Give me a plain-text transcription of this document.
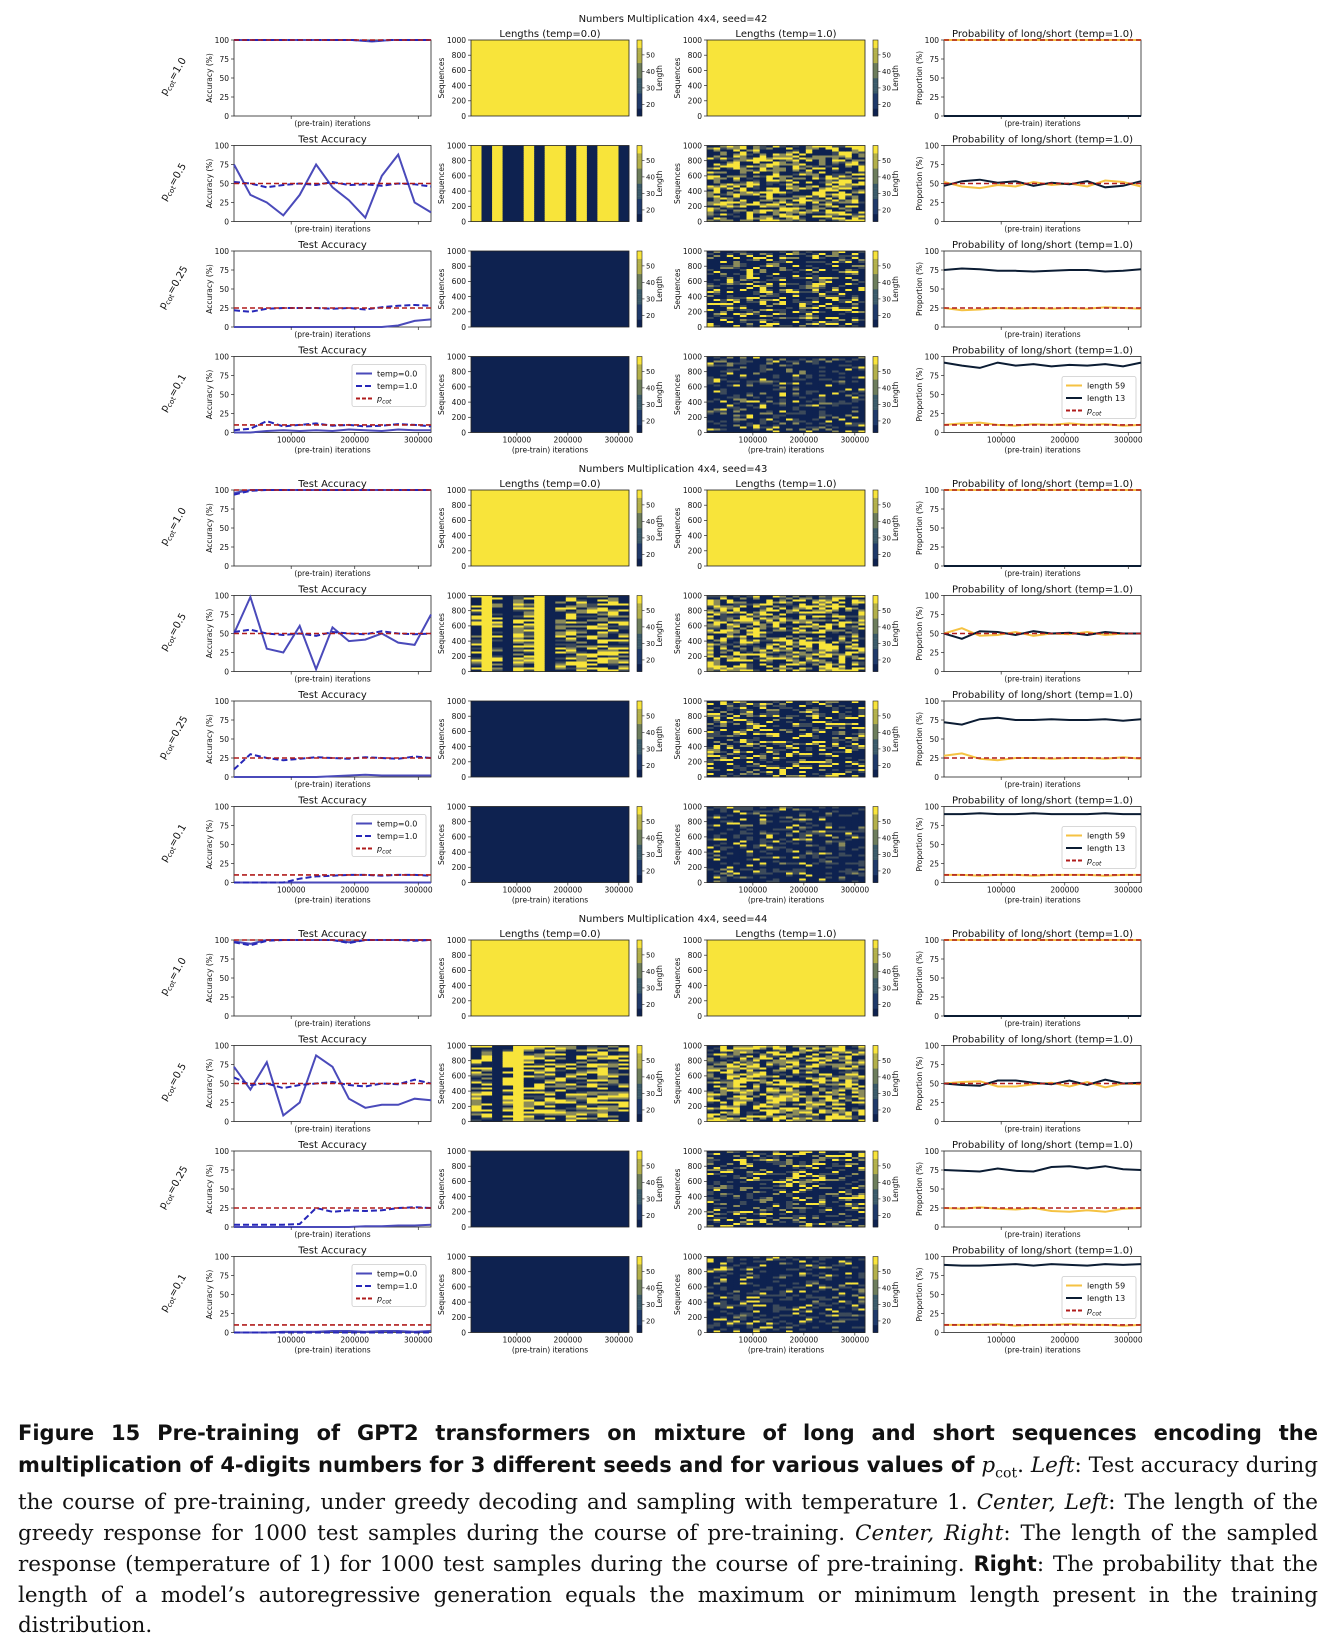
Numbers Multiplication 4x4, seed=42
$p_{cot}=1.0$
0
25
50
75
100
Accuracy (%)
(pre-train) iterations
Lengths (temp=0.0)
0
200
400
600
800
1000
Sequences
20
30
40
50
Length
Lengths (temp=1.0)
0
200
400
600
800
1000
Sequences
20
30
40
50
Length
Probability of long/short (temp=1.0)
0
25
50
75
100
Proportion (%)
(pre-train) iterations
$p_{cot}=0.5$
Test Accuracy
0
25
50
75
100
Accuracy (%)
(pre-train) iterations
0
200
400
600
800
1000
Sequences
20
30
40
50
Length
0
200
400
600
800
1000
Sequences
20
30
40
50
Length
Probability of long/short (temp=1.0)
0
25
50
75
100
Proportion (%)
(pre-train) iterations
$p_{cot}=0.25$
Test Accuracy
0
25
50
75
100
Accuracy (%)
(pre-train) iterations
0
200
400
600
800
1000
Sequences
20
30
40
50
Length
0
200
400
600
800
1000
Sequences
20
30
40
50
Length
Probability of long/short (temp=1.0)
0
25
50
75
100
Proportion (%)
(pre-train) iterations
$p_{cot}=0.1$
Test Accuracy
0
25
50
75
100
Accuracy (%)
100000	200000	300000
(pre-train) iterations
temp=0.0
temp=1.0
$p_{cot}$
0
200
400
600
800
1000
Sequences
100000	200000	300000
(pre-train) iterations
20
30
40
50
Length
0
200
400
600
800
1000
Sequences
100000	200000	300000
(pre-train) iterations
20
30
40
50
Length
Probability of long/short (temp=1.0)
0
25
50
75
100
Proportion (%)
100000	200000	300000
(pre-train) iterations
length 59
length 13
$p_{cot}$
Numbers Multiplication 4x4, seed=43
$p_{cot}=1.0$
Test Accuracy
0
25
50
75
100
Accuracy (%)
(pre-train) iterations
Lengths (temp=0.0)
0
200
400
600
800
1000
Sequences
20
30
40
50
Length
Lengths (temp=1.0)
0
200
400
600
800
1000
Sequences
20
30
40
50
Length
Probability of long/short (temp=1.0)
0
25
50
75
100
Proportion (%)
(pre-train) iterations
$p_{cot}=0.5$
Test Accuracy
0
25
50
75
100
Accuracy (%)
(pre-train) iterations
0
200
400
600
800
1000
Sequences
20
30
40
50
Length
0
200
400
600
800
1000
Sequences
20
30
40
50
Length
Probability of long/short (temp=1.0)
0
25
50
75
100
Proportion (%)
(pre-train) iterations
$p_{cot}=0.25$
Test Accuracy
0
25
50
75
100
Accuracy (%)
(pre-train) iterations
0
200
400
600
800
1000
Sequences
20
30
40
50
Length
0
200
400
600
800
1000
Sequences
20
30
40
50
Length
Probability of long/short (temp=1.0)
0
25
50
75
100
Proportion (%)
(pre-train) iterations
$p_{cot}=0.1$
Test Accuracy
0
25
50
75
100
Accuracy (%)
100000	200000	300000
(pre-train) iterations
temp=0.0
temp=1.0
$p_{cot}$
0
200
400
600
800
1000
Sequences
100000	200000	300000
(pre-train) iterations
20
30
40
50
Length
0
200
400
600
800
1000
Sequences
100000	200000	300000
(pre-train) iterations
20
30
40
50
Length
Probability of long/short (temp=1.0)
0
25
50
75
100
Proportion (%)
100000	200000	300000
(pre-train) iterations
length 59
length 13
$p_{cot}$
Numbers Multiplication 4x4, seed=44
$p_{cot}=1.0$
Test Accuracy
0
25
50
75
100
Accuracy (%)
(pre-train) iterations
Lengths (temp=0.0)
0
200
400
600
800
1000
Sequences
20
30
40
50
Length
Lengths (temp=1.0)
0
200
400
600
800
1000
Sequences
20
30
40
50
Length
Probability of long/short (temp=1.0)
0
25
50
75
100
Proportion (%)
(pre-train) iterations
$p_{cot}=0.5$
Test Accuracy
0
25
50
75
100
Accuracy (%)
(pre-train) iterations
0
200
400
600
800
1000
Sequences
20
30
40
50
Length
0
200
400
600
800
1000
Sequences
20
30
40
50
Length
Probability of long/short (temp=1.0)
0
25
50
75
100
Proportion (%)
(pre-train) iterations
$p_{cot}=0.25$
Test Accuracy
0
25
50
75
100
Accuracy (%)
(pre-train) iterations
0
200
400
600
800
1000
Sequences
20
30
40
50
Length
0
200
400
600
800
1000
Sequences
20
30
40
50
Length
Probability of long/short (temp=1.0)
0
25
50
75
100
Proportion (%)
(pre-train) iterations
$p_{cot}=0.1$
Test Accuracy
0
25
50
75
100
Accuracy (%)
100000	200000	300000
(pre-train) iterations
temp=0.0
temp=1.0
$p_{cot}$
0
200
400
600
800
1000
Sequences
100000	200000	300000
(pre-train) iterations
20
30
40
50
Length
0
200
400
600
800
1000
Sequences
100000	200000	300000
(pre-train) iterations
20
30
40
50
Length
Probability of long/short (temp=1.0)
0
25
50
75
100
Proportion (%)
100000	200000	300000
(pre-train) iterations
length 59
length 13
$p_{cot}$
Figure 15 Pre-training of GPT2 transformers on mixture of long and short sequences encoding the multiplication of 4-digits numbers for 3 different seeds and for various values of $p_{cot}$. Left: Test accuracy during the course of pre-training, under greedy decoding and sampling with temperature 1. Center, Left: The length of the greedy response for 1000 test samples during the course of pre-training. Center, Right: The length of the sampled response (temperature of 1) for 1000 test samples during the course of pre-training. Right: The probability that the length of a model’s autoregressive generation equals the maximum or minimum length present in the training distribution.
